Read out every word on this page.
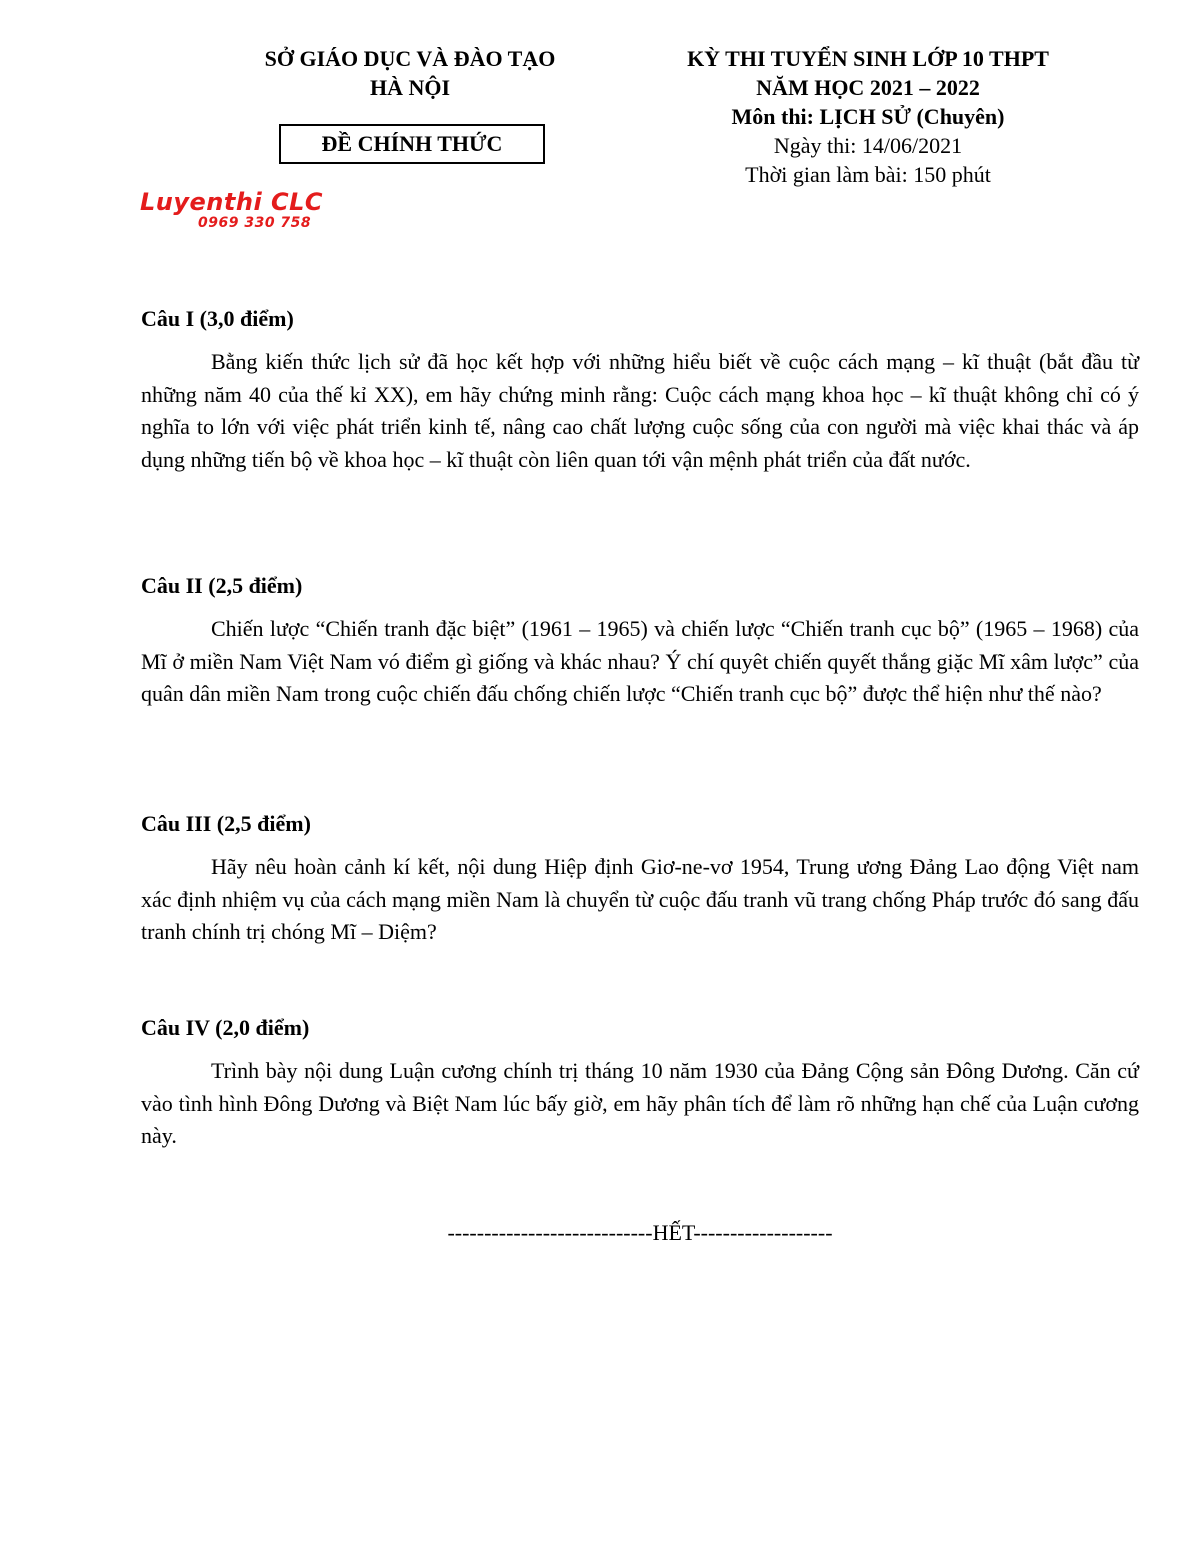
SỞ GIÁO DỤC VÀ ĐÀO TẠO
HÀ NỘI
ĐỀ CHÍNH THỨC
KỲ THI TUYỂN SINH LỚP 10 THPT
NĂM HỌC 2021 – 2022
Môn thi: LỊCH SỬ (Chuyên)
Ngày thi: 14/06/2021
Thời gian làm bài: 150 phút
Luyenthi CLC
0969 330 758
Câu I (3,0 điểm)
Bằng kiến thức lịch sử đã học kết hợp với những hiểu biết về cuộc cách mạng – kĩ thuật (bắt đầu từ những năm 40 của thế kỉ XX), em hãy chứng minh rằng: Cuộc cách mạng khoa học – kĩ thuật không chỉ có ý nghĩa to lớn với việc phát triển kinh tế, nâng cao chất lượng cuộc sống của con người mà việc khai thác và áp dụng những tiến bộ về khoa học – kĩ thuật còn liên quan tới vận mệnh phát triển của đất nước.
Câu II (2,5 điểm)
Chiến lược “Chiến tranh đặc biệt” (1961 – 1965) và chiến lược “Chiến tranh cục bộ” (1965 – 1968) của Mĩ ở miền Nam Việt Nam vó điểm gì giống và khác nhau? Ý chí quyêt chiến quyết thắng giặc Mĩ xâm lược” của quân dân miền Nam trong cuộc chiến đấu chống chiến lược “Chiến tranh cục bộ” được thể hiện như thế nào?
Câu III (2,5 điểm)
Hãy nêu hoàn cảnh kí kết, nội dung Hiệp định Giơ-ne-vơ 1954, Trung ương Đảng Lao động Việt nam xác định nhiệm vụ của cách mạng miền Nam là chuyển từ cuộc đấu tranh vũ trang chống Pháp trước đó sang đấu tranh chính trị chóng Mĩ – Diệm?
Câu IV (2,0 điểm)
Trình bày nội dung Luận cương chính trị tháng 10 năm 1930 của Đảng Cộng sản Đông Dương. Căn cứ vào tình hình Đông Dương và Biệt Nam lúc bấy giờ, em hãy phân tích để làm rõ những hạn chế của Luận cương này.
----------------------------HẾT-------------------
